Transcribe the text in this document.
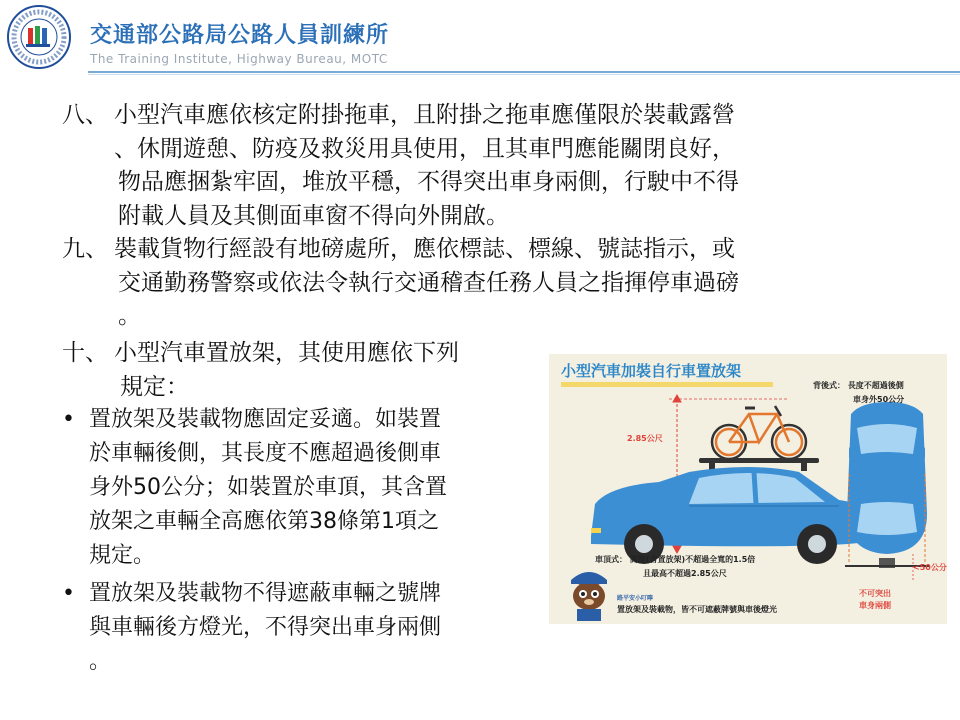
交通部公路局公路人員訓練所
The Training Institute, Highway Bureau, MOTC
八、 小型汽車應依核定附掛拖車，且附掛之拖車應僅限於裝載露營
、休閒遊憩、防疫及救災用具使用，且其車門應能關閉良好，
物品應捆紮牢固，堆放平穩，不得突出車身兩側，行駛中不得
附載人員及其側面車窗不得向外開啟。
九、 裝載貨物行經設有地磅處所，應依標誌、標線、號誌指示，或
交通勤務警察或依法令執行交通稽查任務人員之指揮停車過磅
。
十、 小型汽車置放架，其使用應依下列
規定：
• 置放架及裝載物應固定妥適。如裝置
於車輛後側，其長度不應超過後側車
身外50公分；如裝置於車頂，其含置
放架之車輛全高應依第38條第1項之
規定。
• 置放架及裝載物不得遮蔽車輛之號牌
與車輛後方燈光，不得突出車身兩側
。
小型汽車加裝自行車置放架
2.85公尺
背後式： 長度不超過後側
車身外50公分
車頂式： 高度(含置放架)不超過全寬的1.5倍
且最高不超過2.85公尺
路平安小叮嚀
置放架及裝載物，皆不可遮蔽牌號與車後燈光
<50公分
不可突出
車身兩側
